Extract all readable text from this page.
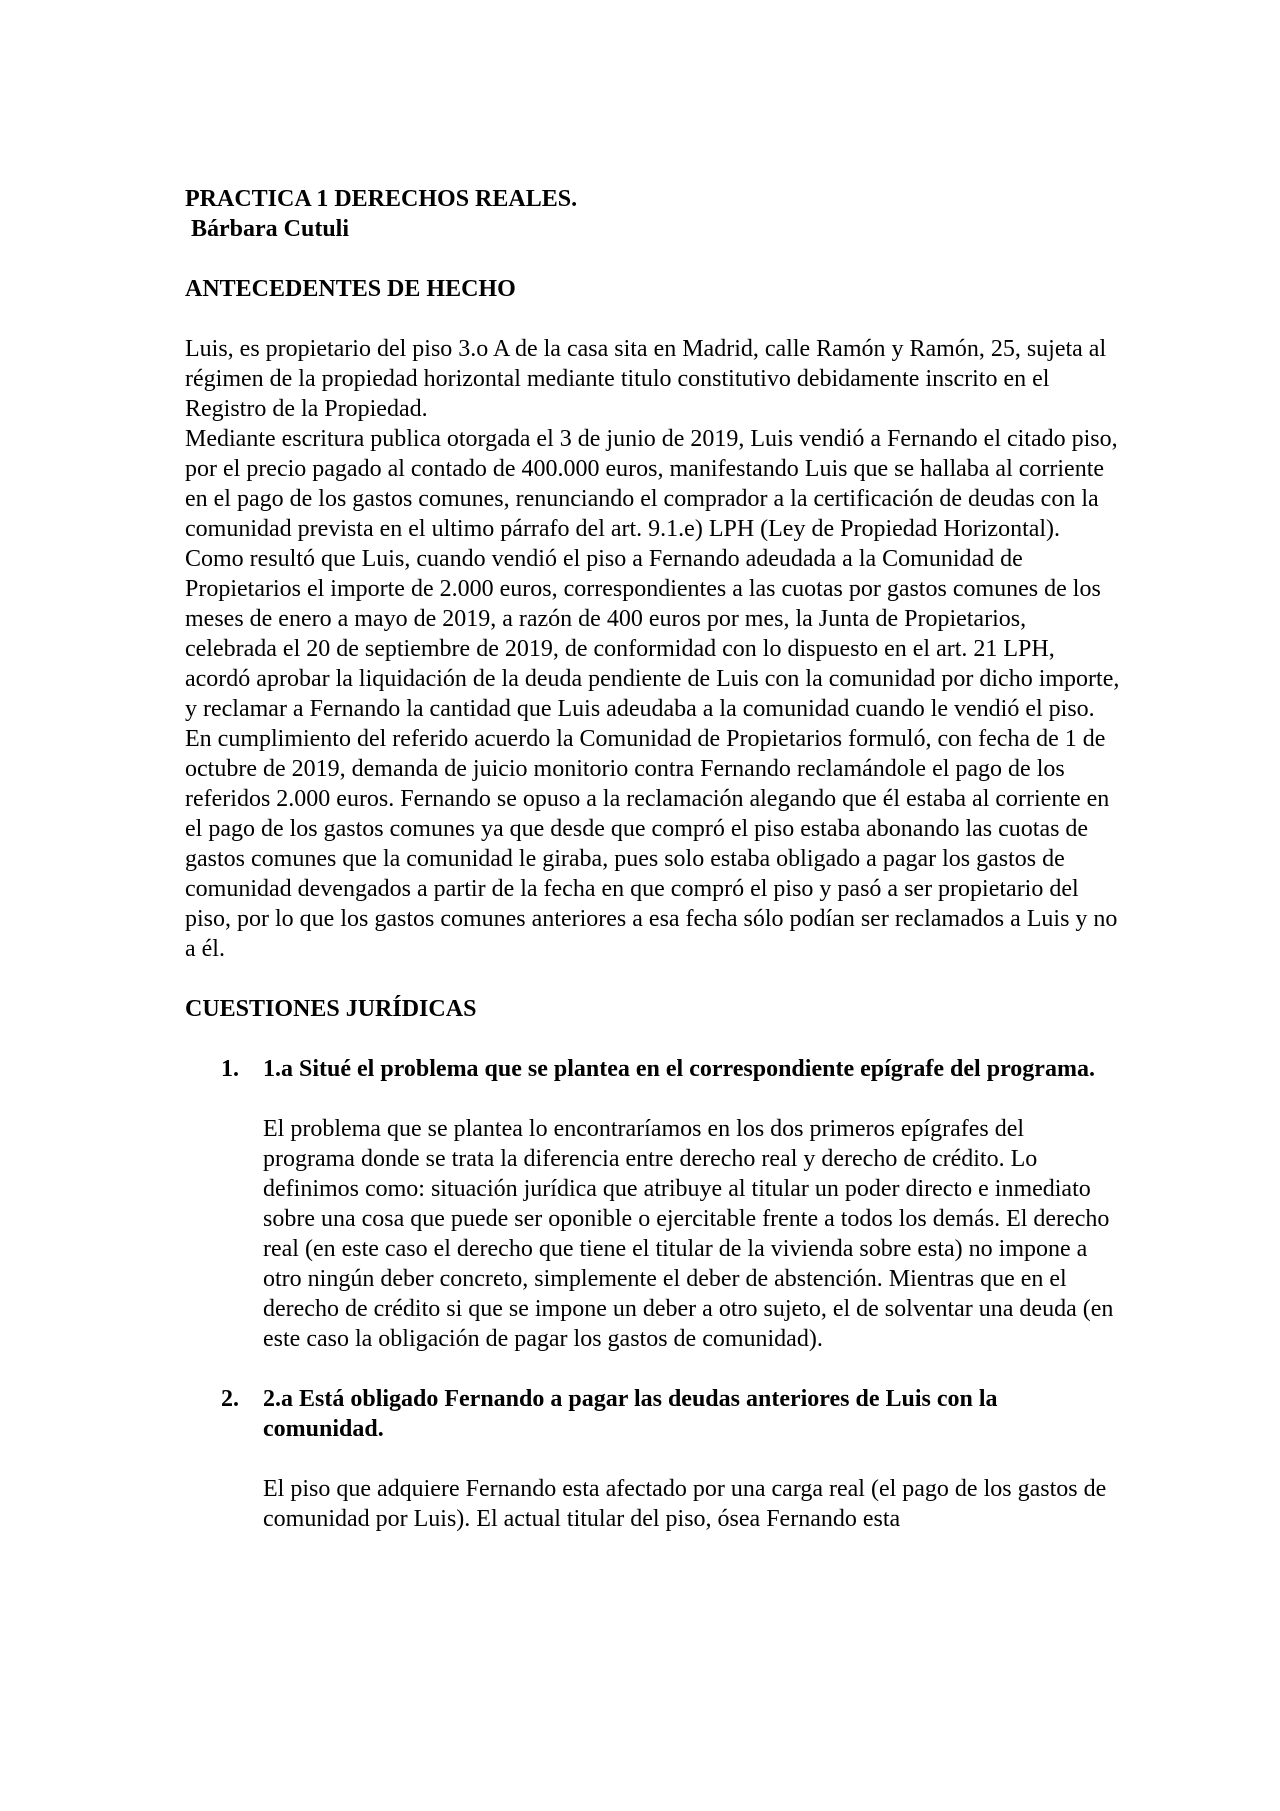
PRACTICA 1 DERECHOS REALES.

Bárbara Cutuli

ANTECEDENTES DE HECHO

Luis, es propietario del piso 3.o A de la casa sita en Madrid, calle Ramón y Ramón, 25, sujeta al régimen de la propiedad horizontal mediante titulo constitutivo debidamente inscrito en el Registro de la Propiedad.

Mediante escritura publica otorgada el 3 de junio de 2019, Luis vendió a Fernando el citado piso, por el precio pagado al contado de 400.000 euros, manifestando Luis que se hallaba al corriente en el pago de los gastos comunes, renunciando el comprador a la certificación de deudas con la comunidad prevista en el ultimo párrafo del art. 9.1.e) LPH (Ley de Propiedad Horizontal).

Como resultó que Luis, cuando vendió el piso a Fernando adeudada a la Comunidad de Propietarios el importe de 2.000 euros, correspondientes a las cuotas por gastos comunes de los meses de enero a mayo de 2019, a razón de 400 euros por mes, la Junta de Propietarios, celebrada el 20 de septiembre de 2019, de conformidad con lo dispuesto en el art. 21 LPH, acordó aprobar la liquidación de la deuda pendiente de Luis con la comunidad por dicho importe, y reclamar a Fernando la cantidad que Luis adeudaba a la comunidad cuando le vendió el piso.

En cumplimiento del referido acuerdo la Comunidad de Propietarios formuló, con fecha de 1 de octubre de 2019, demanda de juicio monitorio contra Fernando reclamándole el pago de los referidos 2.000 euros. Fernando se opuso a la reclamación alegando que él estaba al corriente en el pago de los gastos comunes ya que desde que compró el piso estaba abonando las cuotas de gastos comunes que la comunidad le giraba, pues solo estaba obligado a pagar los gastos de comunidad devengados a partir de la fecha en que compró el piso y pasó a ser propietario del piso, por lo que los gastos comunes anteriores a esa fecha sólo podían ser reclamados a Luis y no a él.

CUESTIONES JURÍDICAS

1. 1.a Situé el problema que se plantea en el correspondiente epígrafe del programa.

El problema que se plantea lo encontraríamos en los dos primeros epígrafes del programa donde se trata la diferencia entre derecho real y derecho de crédito. Lo definimos como: situación jurídica que atribuye al titular un poder directo e inmediato sobre una cosa que puede ser oponible o ejercitable frente a todos los demás. El derecho real (en este caso el derecho que tiene el titular de la vivienda sobre esta) no impone a otro ningún deber concreto, simplemente el deber de abstención. Mientras que en el derecho de crédito si que se impone un deber a otro sujeto, el de solventar una deuda (en este caso la obligación de pagar los gastos de comunidad).

2. 2.a Está obligado Fernando a pagar las deudas anteriores de Luis con la comunidad.

El piso que adquiere Fernando esta afectado por una carga real (el pago de los gastos de comunidad por Luis). El actual titular del piso, ósea Fernando esta
